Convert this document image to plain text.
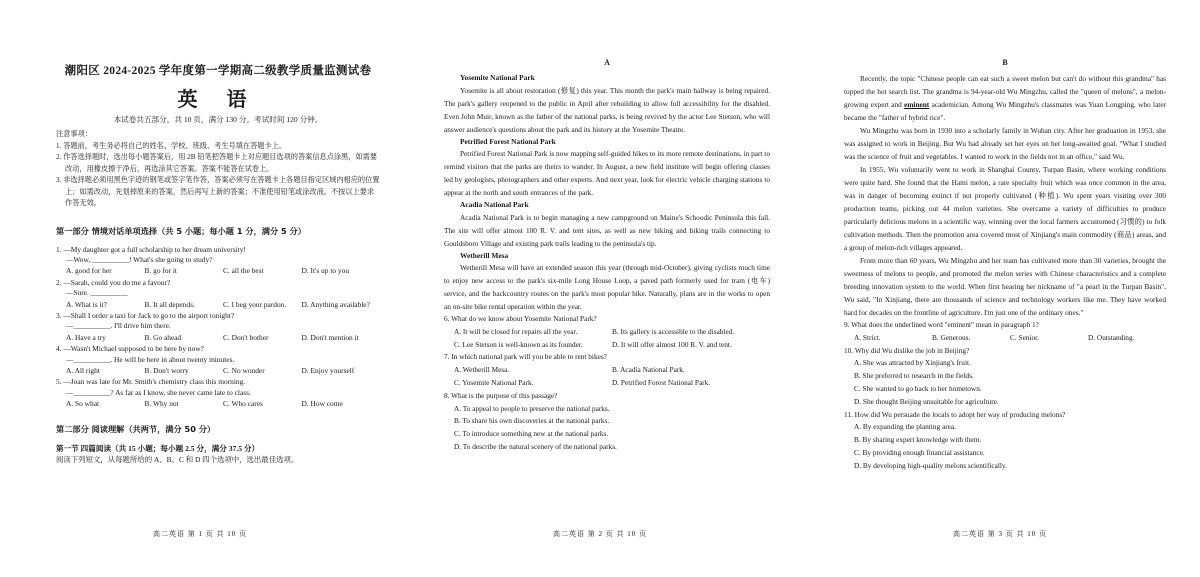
潮阳区 2024-2025 学年度第一学期高二级教学质量监测试卷
英 语
本试卷共五部分，共 10 页，满分 130 分。考试时间 120 分钟。
注意事项：
1. 答题前，考生务必将自己的姓名、学校、班级、考生号填在答题卡上。
2. 作答选择题时，选出每小题答案后，用 2B 铅笔把答题卡上对应题目选项的答案信息点涂黑，如需要改动，用橡皮擦干净后，再选涂其它答案。答案不能答在试卷上。
3. 非选择题必须用黑色字迹的钢笔或签字笔作答，答案必须写在答题卡上各题目指定区域内相应的位置上；如需改动，先划掉原来的答案，然后再写上新的答案；不准使用铅笔或涂改液。不按以上要求作答无效。
第一部分 情境对话单项选择（共 5 小题；每小题 1 分，满分 5 分）

1. —My daughter got a full scholarship to her dream university!

—Wow, __________! What's she going to study?

A. good for her	B. go for it	C. all the best	D. It's up to you

2. —Sarah, could you do me a favour?

—Sure. __________

A. What is it?	B. It all depends.	C. I beg your pardon.	D. Anything available?

3. —Shall I order a taxi for Jack to go to the airport tonight?

—__________. I'll drive him there.

A. Have a try	B. Go ahead	C. Don't bother	D. Don't mention it

4. —Wasn't Michael supposed to be here by now?

—__________. He will be here in about twenty minutes.

A. All right	B. Don't worry	C. No wonder	D. Enjoy yourself

5. —Joan was late for Mr. Smith's chemistry class this morning.

—__________? As far as I know, she never came late to class.

A. So what	B. Why not	C. Who cares	D. How come
第二部分 阅读理解（共两节，满分 50 分）
第一节 四篇阅读（共 15 小题；每小题 2.5 分，满分 37.5 分）
阅读下列短文，从每题所给的 A、B、C 和 D 四个选项中，选出最佳选项。
高二英语 第 1 页 共 10 页
A
Yosemite National Park

Yosemite is all about restoration (修复) this year. This month the park's main hallway is being repaired. The park's gallery reopened to the public in April after rebuilding to allow full accessibility for the disabled. Even John Muir, known as the father of the national parks, is being revived by the actor Lee Stetson, who will answer audience's questions about the park and its history at the Yosemite Theatre.

Petrified Forest National Park

Petrified Forest National Park is now mapping self-guided hikes to its more remote destinations, in part to remind visitors that the parks are theirs to wander. In August, a new field institute will begin offering classes led by geologists, photographers and other experts. And next year, look for electric vehicle charging stations to appear at the north and south entrances of the park.

Acadia National Park

Acadia National Park is to begin managing a new campground on Maine's Schoodic Peninsula this fall. The site will offer almost 100 R. V. and tent sites, as well as new hiking and biking trails connecting to Gouldsboro Village and existing park trails leading to the peninsula's tip.

Wetherill Mesa

Wetherill Mesa will have an extended season this year (through mid-October), giving cyclists much time to enjoy new access to the park's six-mile Long House Loop, a paved path formerly used for tram (电车) service, and the backcountry routes on the park's most popular hike. Naturally, plans are in the works to open an on-site bike rental operation within the year.

6. What do we know about Yosemite National Park?
A. It will be closed for repairs all the year.	B. Its gallery is accessible to the disabled.
C. Lee Stetson is well-known as its founder.	D. It will offer almost 100 R. V. and tent.
7. In which national park will you be able to rent bikes?
A. Wetherill Mesa.	B. Acadia National Park.
C. Yosemite National Park.	D. Petrified Forest National Park.
8. What is the purpose of this passage?
A. To appeal to people to preserve the national parks.
B. To share his own discoveries at the national parks.
C. To introduce something new at the national parks.
D. To describe the natural scenery of the national parks.
高二英语 第 2 页 共 10 页
B

Recently, the topic "Chinese people can eat such a sweet melon but can't do without this grandma" has topped the hot search list. The grandma is 94-year-old Wu Mingzhu, called the "queen of melons", a melon-growing expert and eminent academician. Among Wu Mingzhu's classmates was Yuan Longping, who later became the "father of hybrid rice".

Wu Mingzhu was born in 1930 into a scholarly family in Wuhan city. After her graduation in 1953, she was assigned to work in Beijing. But Wu had already set her eyes on her long-awaited goal. "What I studied was the science of fruit and vegetables. I wanted to work in the fields not in an office," said Wu.

In 1955, Wu voluntarily went to work in Shanghai County, Turpan Basin, where working conditions were quite hard. She found that the Hami melon, a rare specialty fruit which was once common in the area, was in danger of becoming extinct if not properly cultivated (种植). Wu spent years visiting over 300 production teams, picking out 44 melon varieties. She overcame a variety of difficulties to produce particularly delicious melons in a scientific way, winning over the local farmers accustomed (习惯的) to folk cultivation methods. Then the promotion area covered most of Xinjiang's main commodity (商品) areas, and a group of melon-rich villages appeared.

From more than 60 years, Wu Mingzhu and her team has cultivated more than 30 varieties, brought the sweetness of melons to people, and promoted the melon series with Chinese characteristics and a complete breeding innovation system to the world. When first hearing her nickname of "a pearl in the Turpan Basin", Wu said, "In Xinjiang, there are thousands of science and technology workers like me. They have worked hard for decades on the frontline of agriculture. I'm just one of the ordinary ones."

9. What does the underlined word "eminent" mean in paragraph 1?
A. Strict.	B. Generous.	C. Senior.	D. Outstanding.
10. Why did Wu dislike the job in Beijing?
A. She was attracted by Xinjiang's fruit.
B. She preferred to research in the fields.
C. She wanted to go back to her hometown.
D. She thought Beijing unsuitable for agriculture.
11. How did Wu persuade the locals to adopt her way of producing melons?
A. By expanding the planting area.
B. By sharing expert knowledge with them.
C. By providing enough financial assistance.
D. By developing high-quality melons scientifically.
高二英语 第 3 页 共 10 页
